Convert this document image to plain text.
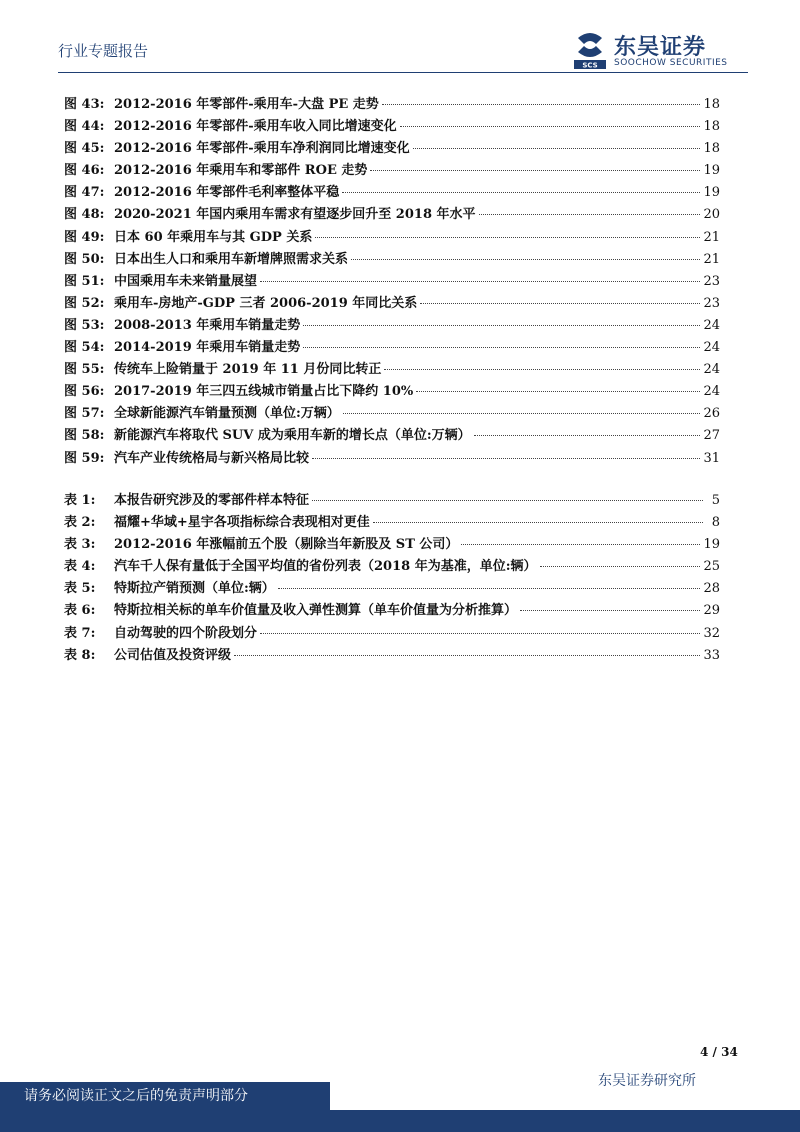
行业专题报告
SCS
东吴证券
SOOCHOW SECURITIES
图 43: 2012-2016 年零部件-乘用车-大盘 PE 走势	18
图 44: 2012-2016 年零部件-乘用车收入同比增速变化	18
图 45: 2012-2016 年零部件-乘用车净利润同比增速变化	18
图 46: 2012-2016 年乘用车和零部件 ROE 走势	19
图 47: 2012-2016 年零部件毛利率整体平稳	19
图 48: 2020-2021 年国内乘用车需求有望逐步回升至 2018 年水平	20
图 49: 日本 60 年乘用车与其 GDP 关系	21
图 50: 日本出生人口和乘用车新增牌照需求关系	21
图 51: 中国乘用车未来销量展望	23
图 52: 乘用车-房地产-GDP 三者 2006-2019 年同比关系	23
图 53: 2008-2013 年乘用车销量走势	24
图 54: 2014-2019 年乘用车销量走势	24
图 55: 传统车上险销量于 2019 年 11 月份同比转正	24
图 56: 2017-2019 年三四五线城市销量占比下降约 10%	24
图 57: 全球新能源汽车销量预测（单位:万辆）	26
图 58: 新能源汽车将取代 SUV 成为乘用车新的增长点（单位:万辆）	27
图 59: 汽车产业传统格局与新兴格局比较	31
表 1:	本报告研究涉及的零部件样本特征	5
表 2:	福耀+华域+星宇各项指标综合表现相对更佳	8
表 3:	2012-2016 年涨幅前五个股（剔除当年新股及 ST 公司）	19
表 4:	汽车千人保有量低于全国平均值的省份列表（2018 年为基准，单位:辆）	25
表 5:	特斯拉产销预测（单位:辆）	28
表 6:	特斯拉相关标的单车价值量及收入弹性测算（单车价值量为分析推算）	29
表 7:	自动驾驶的四个阶段划分	32
表 8:	公司估值及投资评级	33
4 / 34
东吴证券研究所
请务必阅读正文之后的免责声明部分
